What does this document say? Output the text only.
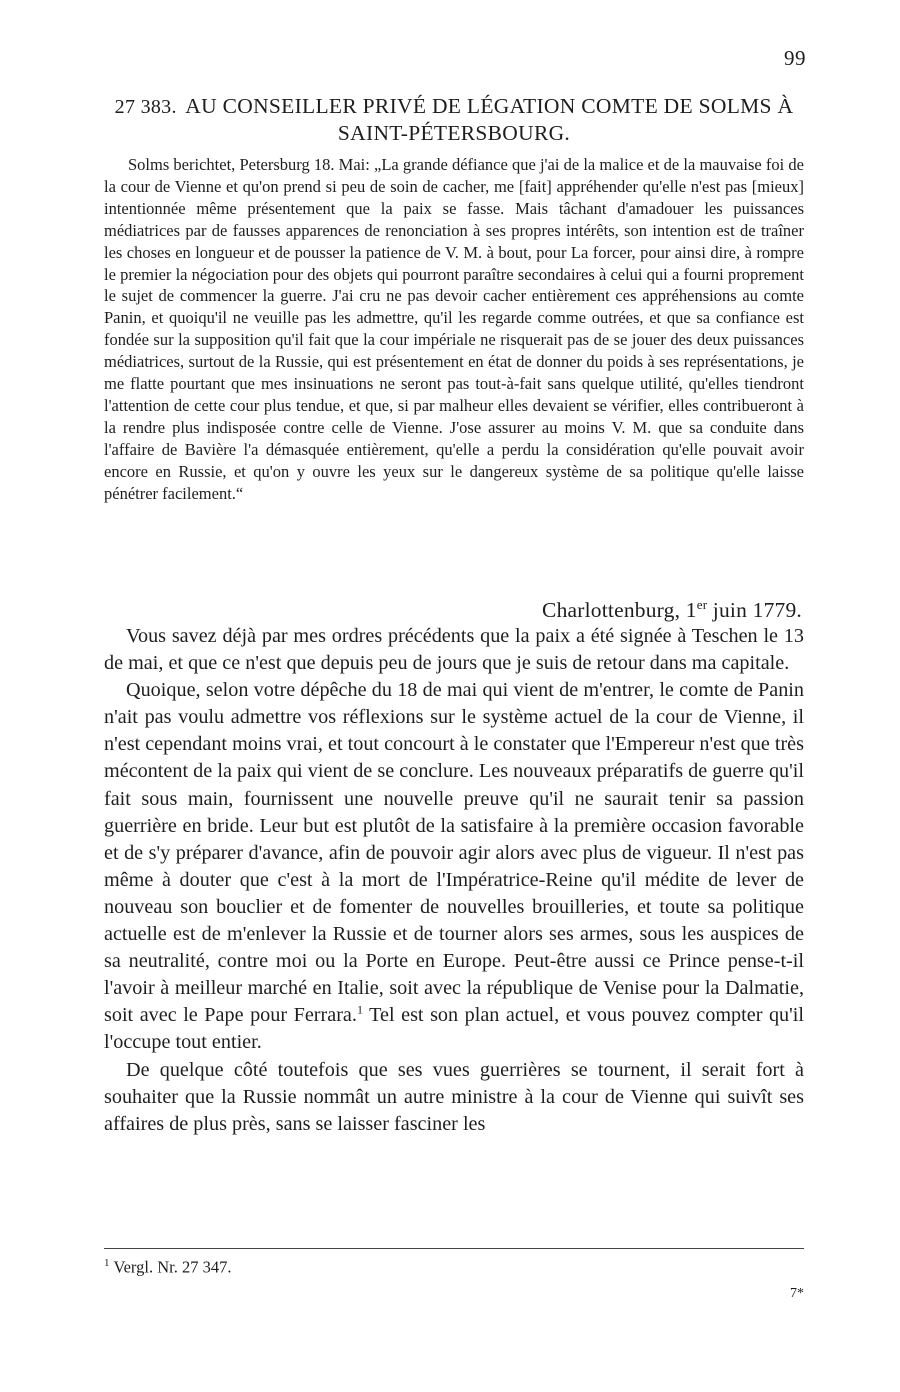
99
27 383. AU CONSEILLER PRIVÉ DE LÉGATION COMTE DE SOLMS À SAINT-PÉTERSBOURG.
Solms berichtet, Petersburg 18. Mai: „La grande défiance que j'ai de la malice et de la mauvaise foi de la cour de Vienne et qu'on prend si peu de soin de cacher, me [fait] appréhender qu'elle n'est pas [mieux] intentionnée même présentement que la paix se fasse. Mais tâchant d'amadouer les puissances médiatrices par de fausses apparences de renonciation à ses propres intérêts, son intention est de traîner les choses en longueur et de pousser la patience de V. M. à bout, pour La forcer, pour ainsi dire, à rompre le premier la négociation pour des objets qui pourront paraître secondaires à celui qui a fourni proprement le sujet de commencer la guerre. J'ai cru ne pas devoir cacher entièrement ces appréhensions au comte Panin, et quoiqu'il ne veuille pas les admettre, qu'il les regarde comme outrées, et que sa confiance est fondée sur la supposition qu'il fait que la cour impériale ne risquerait pas de se jouer des deux puissances médiatrices, surtout de la Russie, qui est présentement en état de donner du poids à ses représentations, je me flatte pourtant que mes insinuations ne seront pas tout-à-fait sans quelque utilité, qu'elles tiendront l'attention de cette cour plus tendue, et que, si par malheur elles devaient se vérifier, elles contribueront à la rendre plus indisposée contre celle de Vienne. J'ose assurer au moins V. M. que sa conduite dans l'affaire de Bavière l'a démasquée entièrement, qu'elle a perdu la considération qu'elle pouvait avoir encore en Russie, et qu'on y ouvre les yeux sur le dangereux système de sa politique qu'elle laisse pénétrer facilement.“
Charlottenburg, 1er juin 1779.

Vous savez déjà par mes ordres précédents que la paix a été signée à Teschen le 13 de mai, et que ce n'est que depuis peu de jours que je suis de retour dans ma capitale.

Quoique, selon votre dépêche du 18 de mai qui vient de m'entrer, le comte de Panin n'ait pas voulu admettre vos réflexions sur le système actuel de la cour de Vienne, il n'est cependant moins vrai, et tout concourt à le constater que l'Empereur n'est que très mécontent de la paix qui vient de se conclure. Les nouveaux préparatifs de guerre qu'il fait sous main, fournissent une nouvelle preuve qu'il ne saurait tenir sa passion guerrière en bride. Leur but est plutôt de la satisfaire à la première occasion favorable et de s'y préparer d'avance, afin de pouvoir agir alors avec plus de vigueur. Il n'est pas même à douter que c'est à la mort de l'Impératrice-Reine qu'il médite de lever de nouveau son bouclier et de fomenter de nouvelles brouilleries, et toute sa politique actuelle est de m'enlever la Russie et de tourner alors ses armes, sous les auspices de sa neutralité, contre moi ou la Porte en Europe. Peut-être aussi ce Prince pense-t-il l'avoir à meilleur marché en Italie, soit avec la république de Venise pour la Dalmatie, soit avec le Pape pour Ferrara.$^1$ Tel est son plan actuel, et vous pouvez compter qu'il l'occupe tout entier.

De quelque côté toutefois que ses vues guerrières se tournent, il serait fort à souhaiter que la Russie nommât un autre ministre à la cour de Vienne qui suivît ses affaires de plus près, sans se laisser fasciner les

$^1$ Vergl. Nr. 27 347.
7*
